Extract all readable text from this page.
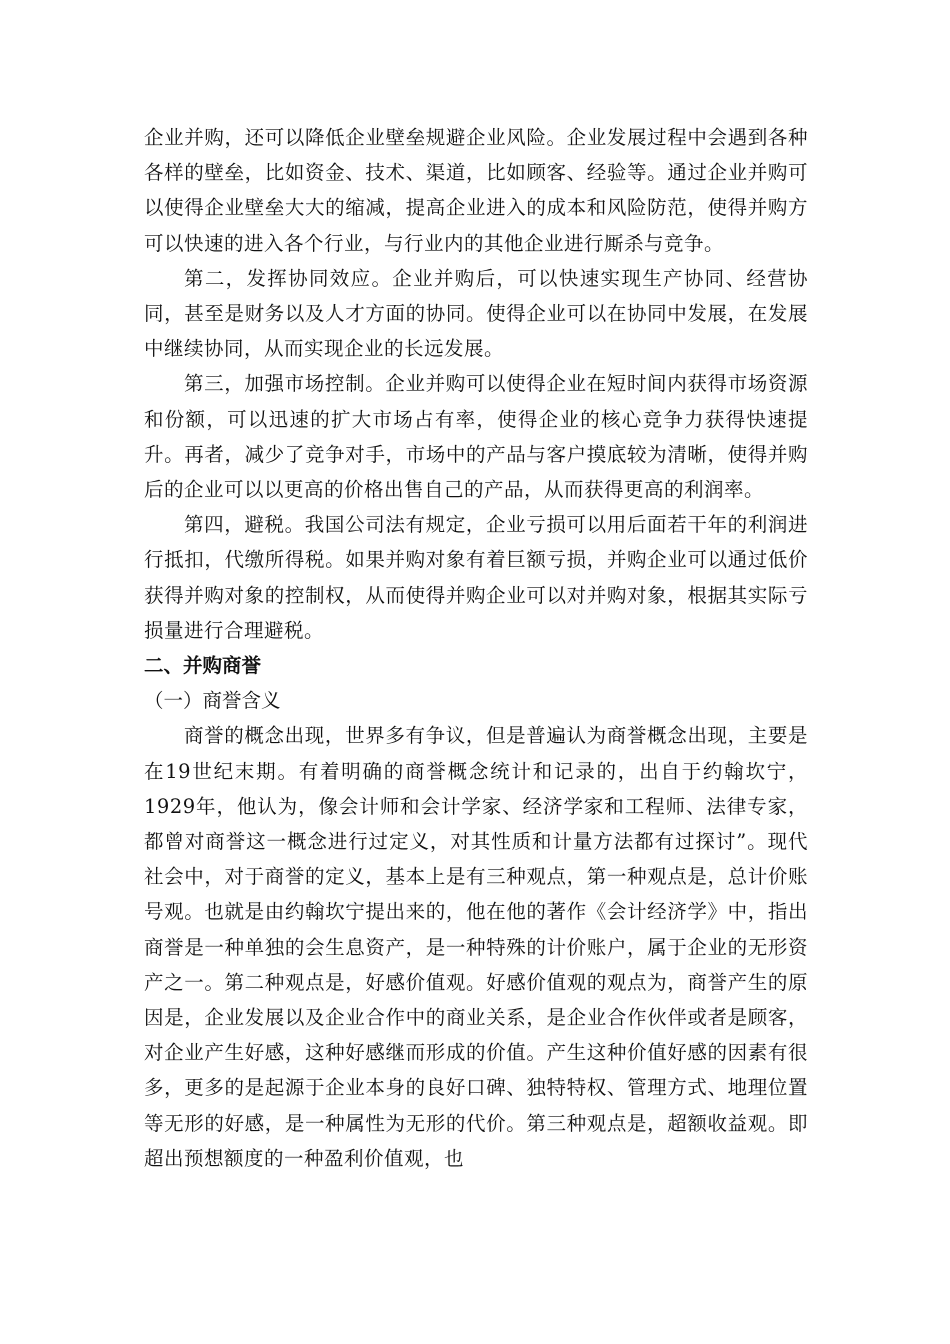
企业并购，还可以降低企业壁垒规避企业风险。企业发展过程中会遇到各种各样的壁垒，比如资金、技术、渠道，比如顾客、经验等。通过企业并购可以使得企业壁垒大大的缩减，提高企业进入的成本和风险防范，使得并购方可以快速的进入各个行业，与行业内的其他企业进行厮杀与竞争。

第二，发挥协同效应。企业并购后，可以快速实现生产协同、经营协同，甚至是财务以及人才方面的协同。使得企业可以在协同中发展，在发展中继续协同，从而实现企业的长远发展。

第三，加强市场控制。企业并购可以使得企业在短时间内获得市场资源和份额，可以迅速的扩大市场占有率，使得企业的核心竞争力获得快速提升。再者，减少了竞争对手，市场中的产品与客户摸底较为清晰，使得并购后的企业可以以更高的价格出售自己的产品，从而获得更高的利润率。

第四，避税。我国公司法有规定，企业亏损可以用后面若干年的利润进行抵扣，代缴所得税。如果并购对象有着巨额亏损，并购企业可以通过低价获得并购对象的控制权，从而使得并购企业可以对并购对象，根据其实际亏损量进行合理避税。

二、并购商誉

（一）商誉含义

商誉的概念出现，世界多有争议，但是普遍认为商誉概念出现，主要是在19世纪末期。有着明确的商誉概念统计和记录的，出自于约翰坎宁，1929年，他认为，像会计师和会计学家、经济学家和工程师、法律专家，都曾对商誉这一概念进行过定义，对其性质和计量方法都有过探讨”。现代社会中，对于商誉的定义，基本上是有三种观点，第一种观点是，总计价账号观。也就是由约翰坎宁提出来的，他在他的著作《会计经济学》中，指出商誉是一种单独的会生息资产，是一种特殊的计价账户，属于企业的无形资产之一。第二种观点是，好感价值观。好感价值观的观点为，商誉产生的原因是，企业发展以及企业合作中的商业关系，是企业合作伙伴或者是顾客，对企业产生好感，这种好感继而形成的价值。产生这种价值好感的因素有很多，更多的是起源于企业本身的良好口碑、独特特权、管理方式、地理位置等无形的好感，是一种属性为无形的代价。第三种观点是，超额收益观。即超出预想额度的一种盈利价值观，也
